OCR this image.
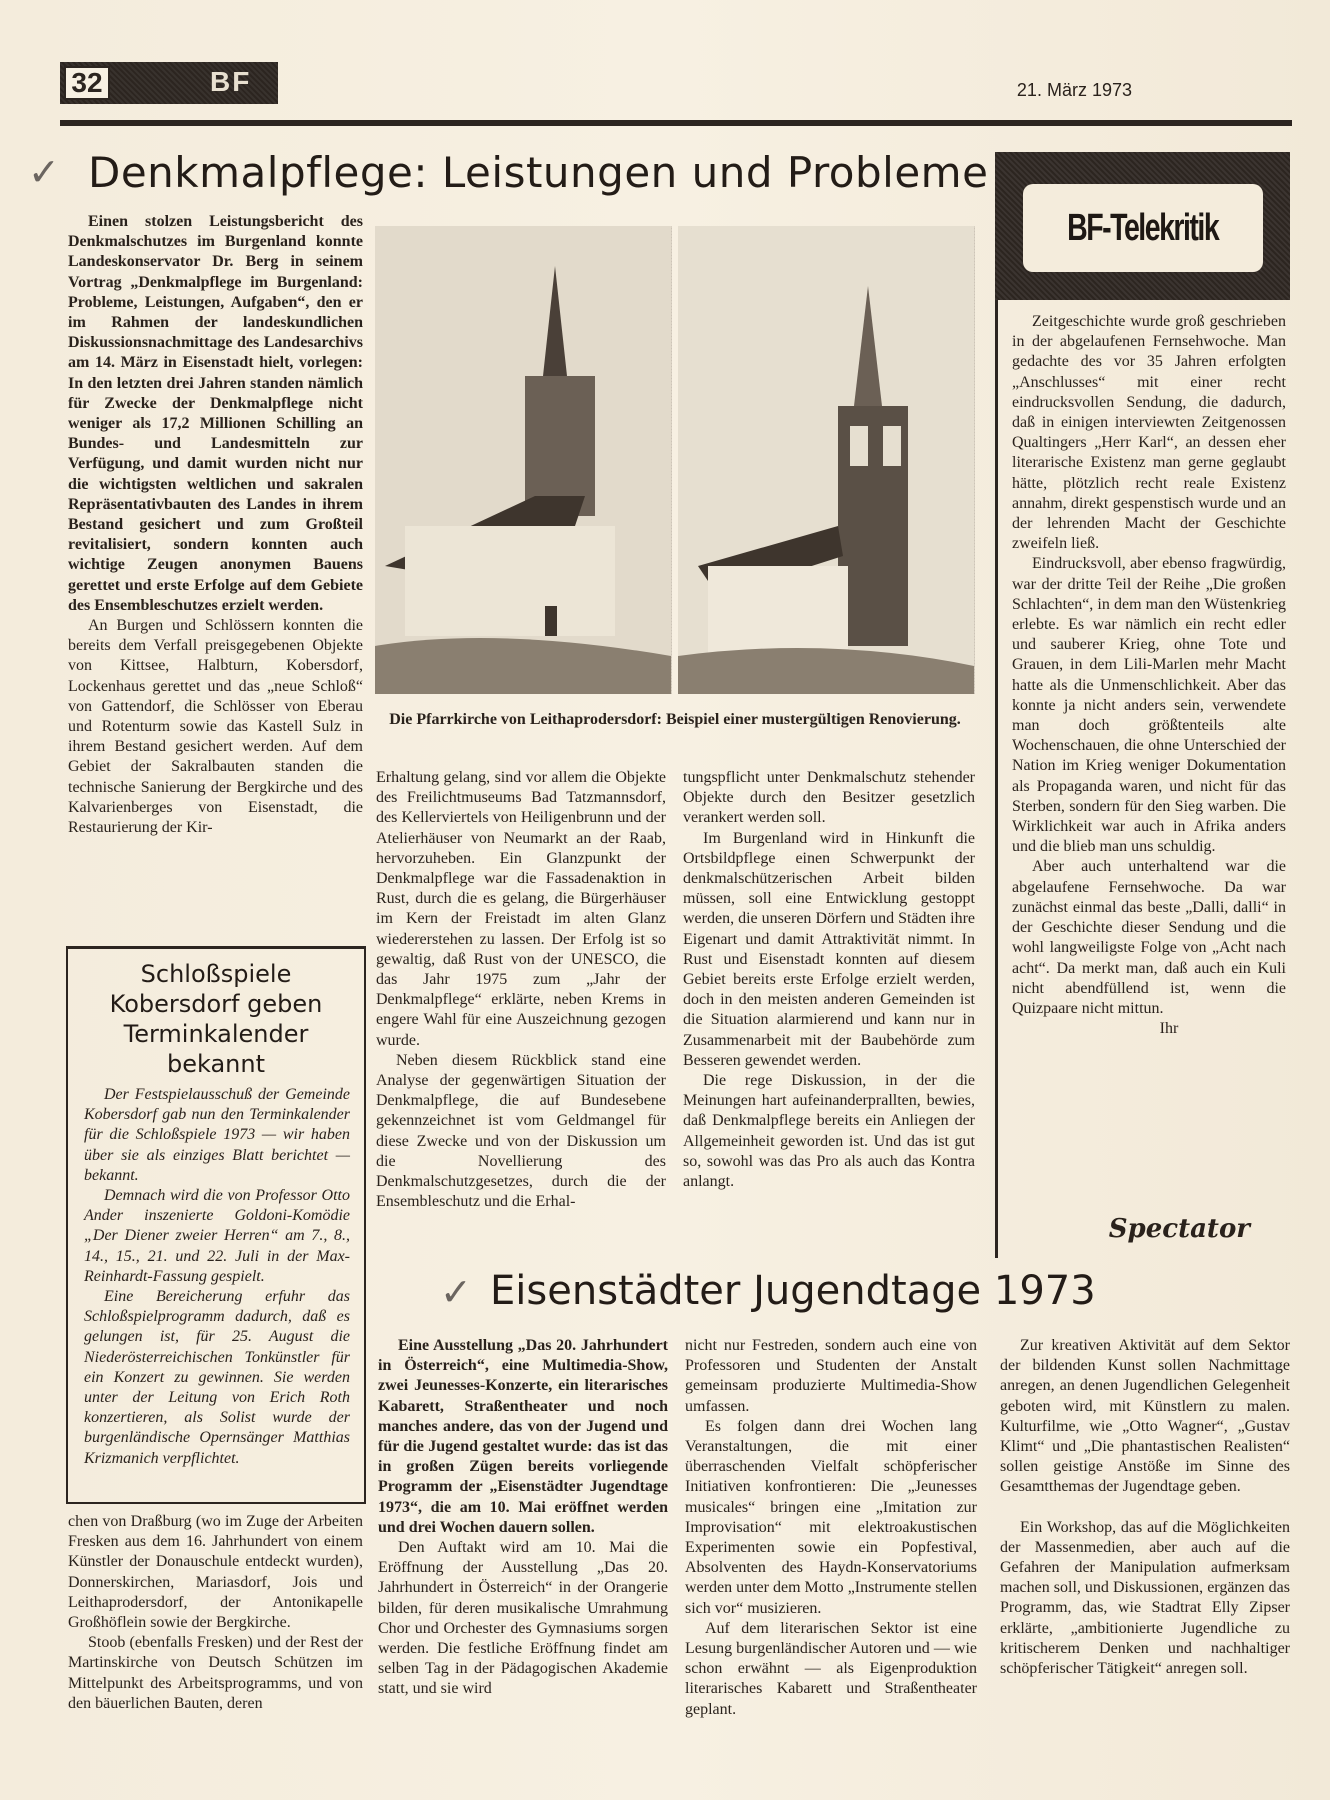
32	BF	21. März 1973
✓ Denkmalpflege: Leistungen und Probleme

Einen stolzen Leistungsbericht des Denkmalschutzes im Burgenland konnte Landeskonservator Dr. Berg in seinem Vortrag „Denkmalpflege im Burgenland: Probleme, Leistungen, Aufgaben“, den er im Rahmen der landeskundlichen Diskussionsnachmittage des Landesarchivs am 14. März in Eisenstadt hielt, vorlegen: In den letzten drei Jahren standen nämlich für Zwecke der Denkmalpflege nicht weniger als 17,2 Millionen Schilling an Bundes- und Landesmitteln zur Verfügung, und damit wurden nicht nur die wichtigsten weltlichen und sakralen Repräsentativbauten des Landes in ihrem Bestand gesichert und zum Großteil revitalisiert, sondern konnten auch wichtige Zeugen anonymen Bauens gerettet und erste Erfolge auf dem Gebiete des Ensembleschutzes erzielt werden.

An Burgen und Schlössern konnten die bereits dem Verfall preisgegebenen Objekte von Kittsee, Halbturn, Kobersdorf, Lockenhaus gerettet und das „neue Schloß“ von Gattendorf, die Schlösser von Eberau und Rotenturm sowie das Kastell Sulz in ihrem Bestand gesichert werden. Auf dem Gebiet der Sakralbauten standen die technische Sanierung der Bergkirche und des Kalvarienberges von Eisenstadt, die Restaurierung der Kir-

Schloßspiele Kobersdorf geben Terminkalender bekannt

Der Festspielausschuß der Gemeinde Kobersdorf gab nun den Terminkalender für die Schloßspiele 1973 — wir haben über sie als einziges Blatt berichtet — bekannt.

Demnach wird die von Professor Otto Ander inszenierte Goldoni-Komödie „Der Diener zweier Herren“ am 7., 8., 14., 15., 21. und 22. Juli in der Max-Reinhardt-Fassung gespielt.

Eine Bereicherung erfuhr das Schloßspielprogramm dadurch, daß es gelungen ist, für 25. August die Niederösterreichischen Tonkünstler für ein Konzert zu gewinnen. Sie werden unter der Leitung von Erich Roth konzertieren, als Solist wurde der burgenländische Opernsänger Matthias Krizmanich verpflichtet.

chen von Draßburg (wo im Zuge der Arbeiten Fresken aus dem 16. Jahrhundert von einem Künstler der Donauschule entdeckt wurden), Donnerskirchen, Mariasdorf, Jois und Leithaprodersdorf, der Antonikapelle Großhöflein sowie der Bergkirche.

Stoob (ebenfalls Fresken) und der Rest der Martinskirche von Deutsch Schützen im Mittelpunkt des Arbeitsprogramms, und von den bäuerlichen Bauten, deren

Die Pfarrkirche von Leithaprodersdorf: Beispiel einer mustergültigen Renovierung.

Erhaltung gelang, sind vor allem die Objekte des Freilichtmuseums Bad Tatzmannsdorf, des Kellerviertels von Heiligenbrunn und der Atelierhäuser von Neumarkt an der Raab, hervorzuheben. Ein Glanzpunkt der Denkmalpflege war die Fassadenaktion in Rust, durch die es gelang, die Bürgerhäuser im Kern der Freistadt im alten Glanz wiedererstehen zu lassen. Der Erfolg ist so gewaltig, daß Rust von der UNESCO, die das Jahr 1975 zum „Jahr der Denkmalpflege“ erklärte, neben Krems in engere Wahl für eine Auszeichnung gezogen wurde.

Neben diesem Rückblick stand eine Analyse der gegenwärtigen Situation der Denkmalpflege, die auf Bundesebene gekennzeichnet ist vom Geldmangel für diese Zwecke und von der Diskussion um die Novellierung des Denkmalschutzgesetzes, durch die der Ensembleschutz und die Erhal-

tungspflicht unter Denkmalschutz stehender Objekte durch den Besitzer gesetzlich verankert werden soll.

Im Burgenland wird in Hinkunft die Ortsbildpflege einen Schwerpunkt der denkmalschützerischen Arbeit bilden müssen, soll eine Entwicklung gestoppt werden, die unseren Dörfern und Städten ihre Eigenart und damit Attraktivität nimmt. In Rust und Eisenstadt konnten auf diesem Gebiet bereits erste Erfolge erzielt werden, doch in den meisten anderen Gemeinden ist die Situation alarmierend und kann nur in Zusammenarbeit mit der Baubehörde zum Besseren gewendet werden.

Die rege Diskussion, in der die Meinungen hart aufeinanderprallten, bewies, daß Denkmalpflege bereits ein Anliegen der Allgemeinheit geworden ist. Und das ist gut so, sowohl was das Pro als auch das Kontra anlangt.

BF-Telekritik

Zeitgeschichte wurde groß geschrieben in der abgelaufenen Fernsehwoche. Man gedachte des vor 35 Jahren erfolgten „Anschlusses“ mit einer recht eindrucksvollen Sendung, die dadurch, daß in einigen interviewten Zeitgenossen Qualtingers „Herr Karl“, an dessen eher literarische Existenz man gerne geglaubt hätte, plötzlich recht reale Existenz annahm, direkt gespenstisch wurde und an der lehrenden Macht der Geschichte zweifeln ließ.

Eindrucksvoll, aber ebenso fragwürdig, war der dritte Teil der Reihe „Die großen Schlachten“, in dem man den Wüstenkrieg erlebte. Es war nämlich ein recht edler und sauberer Krieg, ohne Tote und Grauen, in dem Lili-Marlen mehr Macht hatte als die Unmenschlichkeit. Aber das konnte ja nicht anders sein, verwendete man doch größtenteils alte Wochenschauen, die ohne Unterschied der Nation im Krieg weniger Dokumentation als Propaganda waren, und nicht für das Sterben, sondern für den Sieg warben. Die Wirklichkeit war auch in Afrika anders und die blieb man uns schuldig.

Aber auch unterhaltend war die abgelaufene Fernsehwoche. Da war zunächst einmal das beste „Dalli, dalli“ in der Geschichte dieser Sendung und die wohl langweiligste Folge von „Acht nach acht“. Da merkt man, daß auch ein Kuli nicht abendfüllend ist, wenn die Quizpaare nicht mittun.

Ihr

Spectator
✓ Eisenstädter Jugendtage 1973

Eine Ausstellung „Das 20. Jahrhundert in Österreich“, eine Multimedia-Show, zwei Jeunesses-Konzerte, ein literarisches Kabarett, Straßentheater und noch manches andere, das von der Jugend und für die Jugend gestaltet wurde: das ist das in großen Zügen bereits vorliegende Programm der „Eisenstädter Jugendtage 1973“, die am 10. Mai eröffnet werden und drei Wochen dauern sollen.

Den Auftakt wird am 10. Mai die Eröffnung der Ausstellung „Das 20. Jahrhundert in Österreich“ in der Orangerie bilden, für deren musikalische Umrahmung Chor und Orchester des Gymnasiums sorgen werden. Die festliche Eröffnung findet am selben Tag in der Pädagogischen Akademie statt, und sie wird

nicht nur Festreden, sondern auch eine von Professoren und Studenten der Anstalt gemeinsam produzierte Multimedia-Show umfassen.

Es folgen dann drei Wochen lang Veranstaltungen, die mit einer überraschenden Vielfalt schöpferischer Initiativen konfrontieren: Die „Jeunesses musicales“ bringen eine „Imitation zur Improvisation“ mit elektroakustischen Experimenten sowie ein Popfestival, Absolventen des Haydn-Konservatoriums werden unter dem Motto „Instrumente stellen sich vor“ musizieren.

Auf dem literarischen Sektor ist eine Lesung burgenländischer Autoren und — wie schon erwähnt — als Eigenproduktion literarisches Kabarett und Straßentheater geplant.

Zur kreativen Aktivität auf dem Sektor der bildenden Kunst sollen Nachmittage anregen, an denen Jugendlichen Gelegenheit geboten wird, mit Künstlern zu malen. Kulturfilme, wie „Otto Wagner“, „Gustav Klimt“ und „Die phantastischen Realisten“ sollen geistige Anstöße im Sinne des Gesamtthemas der Jugendtage geben.

Ein Workshop, das auf die Möglichkeiten der Massenmedien, aber auch auf die Gefahren der Manipulation aufmerksam machen soll, und Diskussionen, ergänzen das Programm, das, wie Stadtrat Elly Zipser erklärte, „ambitionierte Jugendliche zu kritischerem Denken und nachhaltiger schöpferischer Tätigkeit“ anregen soll.
